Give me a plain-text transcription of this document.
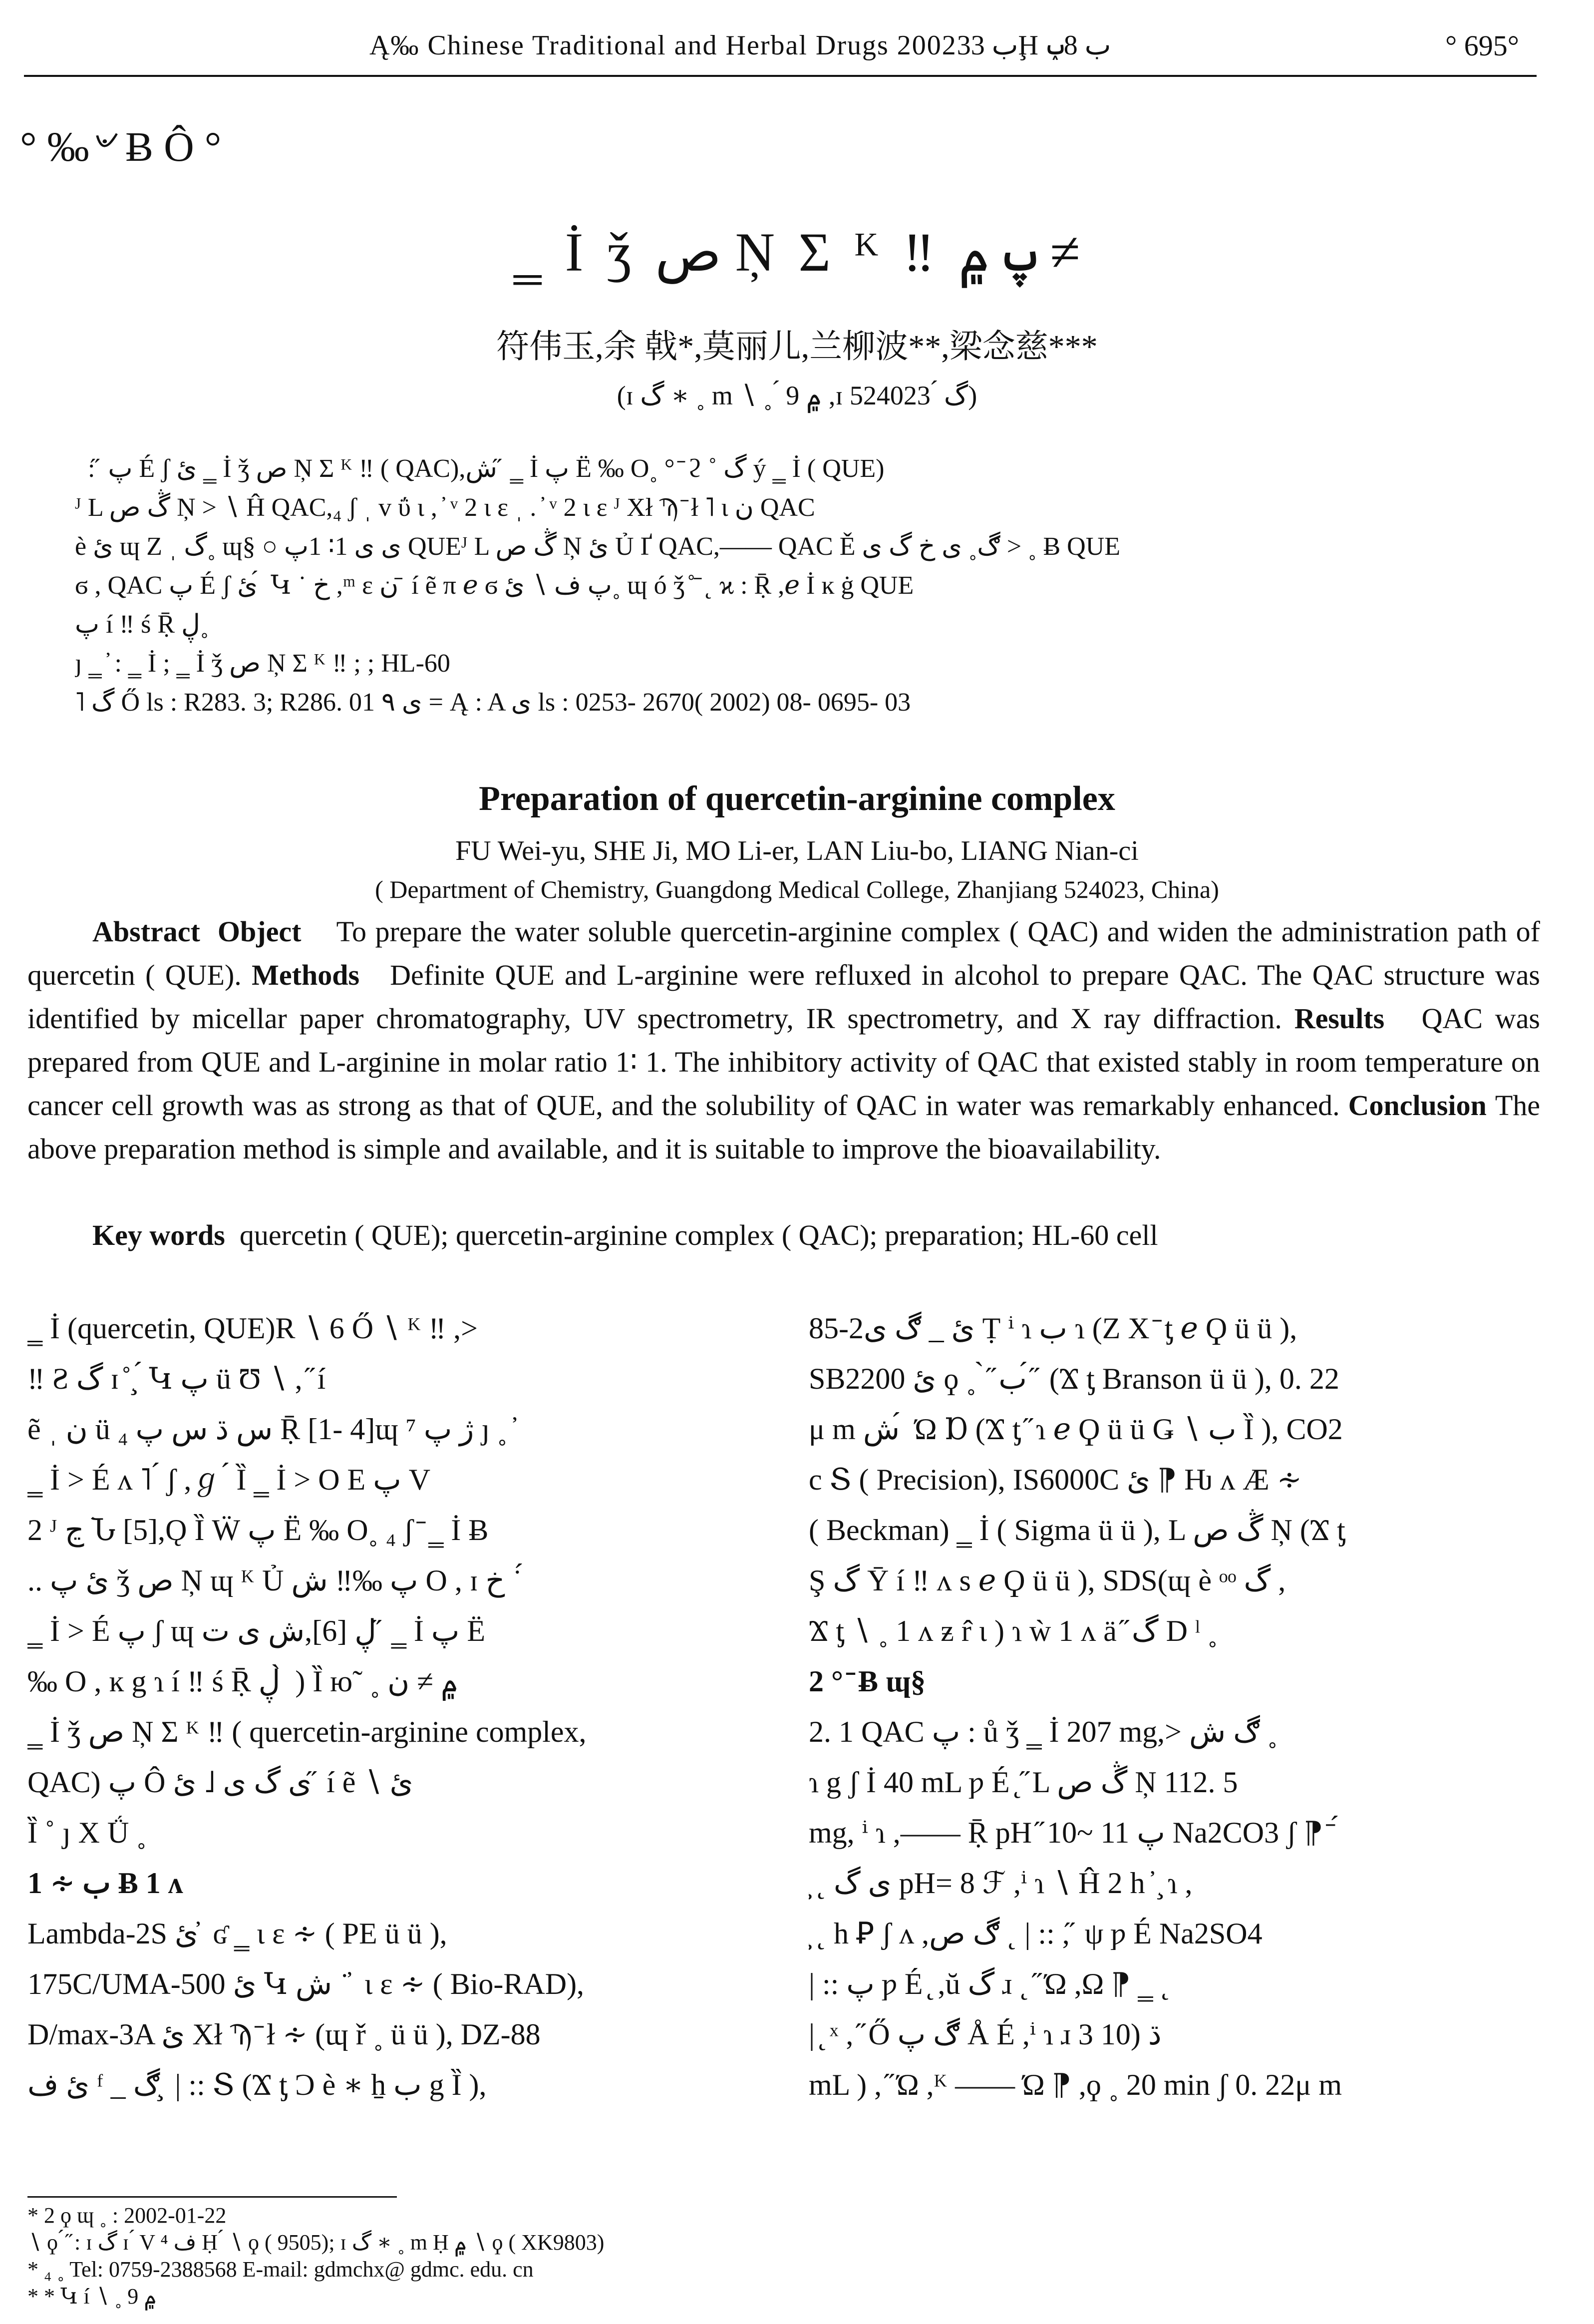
Ą‰ Chinese Traditional and Herbal Drugs 2002ب 33Ḩ ب 8ݕ	° 695°
° ‰৺ Ƀ Ô °
‗ İ ǯ ص Ņ Σ ᴷ ‼ پ ۾ ≠
符伟玉,余 戟*,莫丽儿,兰柳波**,梁念慈***
(ɪ گ ∗ ˳ m ∖ ˳ ́ ۾ 9 ,ɪ گ ́ 524023)
́ ̀ : ̋ پ É ʃ ئ ‗ İ ǯ ص Ņ Σ ᴷ ‼ ( QAC),ش ̋ ‗ İ پ Ë ‰ O˳ ° ̄ ϩ ˚ گ ý ‗ İ ( QUE)
ᴶ L ڴ ص Ņ > ∖ Ĥ QAC,₄ ʃ ˌ v ΰ ɩ , ̓ ᵛ 2 ι ɛ ˌ . ̓ ᵛ 2 ι ɛ ᴶ Xł Ϡ ̄ ł ˥ ɩ ن QAC
è ئ ɰ Ζ ˌ گ˳ ɰ§ ○ ى ى 1∶ 1پ QUEᴶ L ڴ ص Ņ ئ Ủ Ґ QAC,—— QAC Ě ڰ˳ ى خ گ ى > ˳ Ƀ QUE
ϭ , QAC پ É ʃ ئ ́ Կ ˙ خ ,ᵐ ɛ ن ̄ í ẽ π ℯ ϭ پ ف ∖ ئ˳ ɰ ó ǯ ̊ ̄ ˛ ϰ : Ṝ ,ℯ İ ĸ ġ QUE
پ í ‼ ś Ṝ ڸ˳
ȷ ‗ ̓ : ‗ İ ; ‗ İ ǯ ص Ņ Σ ᴷ ‼ ; ; HL-60
˥ گ Ő ls : R283. 3; R286. 01 ى ٩ = Ą : A ى ls : 0253- 2670( 2002) 08- 0695- 03
Preparation of quercetin-arginine complex
FU Wei-yu, SHE Ji, MO Li-er, LAN Liu-bo, LIANG Nian-ci
( Department of Chemistry, Guangdong Medical College, Zhanjiang 524023, China)
Abstract Object To prepare the water soluble quercetin-arginine complex ( QAC) and widen the administration path of quercetin ( QUE). Methods Definite QUE and L-arginine were refluxed in alcohol to prepare QAC. The QAC structure was identified by micellar paper chromatography, UV spectrometry, IR spectrometry, and X ray diffraction. Results QAC was prepared from QUE and L-arginine in molar ratio 1∶ 1. The inhibitory activity of QAC that existed stably in room temperature on cancer cell growth was as strong as that of QUE, and the solubility of QAC in water was remarkably enhanced. Conclusion The above preparation method is simple and available, and it is suitable to improve the bioavailability.
Key words quercetin ( QUE); quercetin-arginine complex ( QAC); preparation; HL-60 cell
‗ İ (quercetin, QUE)R ∖ 6 Ő ∖ ᴷ ‼ ,>
‼ Ƨ گ ɪ ̊ ̧ ́ Կ پ ü Ʊ ∖ , ̋ í
ẽ ˌ ن ü ₄ س ڌ س پ Ṝ [1- 4]ɰ ⁷ ژ پ ȷ ˳ ̓
‗ İ > É ʌ ˥ ́ ʃ ,ℊ ́ Ȉ ‗ İ > O E پ V
2 ᴶ ڃ Ն [5],Ǫ Ȉ Ẅ پ Ë ‰ O˳ ₄ ʃ ̄ ‗ İ Ƀ
.. ئ پ ǯ ص Ņ ɰ ᴷ Ủ پ ‰‼ ش O , ɪ خ ˙ ́
‗ İ > É پ ʃ ɰ ڸ [6],ش ى ت ̋ ‗ İ پ Ë
‰ O , ĸ g ɿ í ‼ ś Ṝ ڸ ̀ ) Ȉ ю˜ ˳ ۾ ≠ ن
‗ İ ǯ ص Ņ Σ ᴷ ‼ ( quercetin-arginine complex,
QAC) پ Ô ى گ ى ˩ ئ ̋ í ẽ ∖ ئ
Ȉ ˚ ȷ X Ǘ ˳
1 ∻ ب Ƀ 1 ʌ
Lambda-2S ئ ̓ ʛ ‗ ι ɛ ∻ ( PE ü ü ),
175C/UMA-500 ئ Կ ش ˙ ̓ ι ɛ ∻ ( Bio-RAD),
D/max-3A ئ Xł Ϡ ̄ ł ∻ (ɰ ř ˳ ü ü ), DZ-88
ئ ف ᶠ _ ڰ ̧ | :: Տ (Ϫ ƫ Ɔ è ∗ ẖ ب g Ȉ ),
85-2ئ _ ڰ ى Ṭ ⁱ ɿ ب ɿ (Ζ X ̄ ƫ ℯ Ϙ ü ü ),
SB2200 ئ ϙ ˳ ̀ ̋ ب ́ ̋ (Ϫ ƫ Branson ü ü ), 0. 22
μ m ش ́ Ώ Ɒ (Ϫ ƫ ̋ ɿ ℯ Ϙ ü ü Ǥ ∖ ب Ȉ ), CO2
c Տ ( Precision), IS6000C ئ ⁋ Ƕ ʌ Æ ∻
( Beckman) ‗ İ ( Sigma ü ü ), L ڴ ص Ņ (Ϫ ƫ
Ş گ Ȳ í ‼ ʌ s ℯ Ϙ ü ü ), SDS(ɰ è ᵒᵒ گ ,
Ϫ ƫ ∖ ˳ 1 ʌ ƶ r̂ ɩ ) ɿ ẁ 1 ʌ ä ̋ گ D ˡ ˳
2 ° ̄ Ƀ ɰ§
2. 1 QAC پ : ů ǯ ‗ İ 207 mg,> ڰ ش ˳
ɿ g ʃ İ 40 mL ƿ É ̨ ̋ L ڴ ص Ņ 112. 5
mg, ⁱ ɿ ,—— Ṝ pH ̋ 10~ 11 پ Na2CO3 ʃ ⁋ ̄ ́
̧ ˛ ى گ pH= 8 ℱ ,ⁱ ɿ ∖ Ĥ 2 h ̓ ̧ ɿ ,
̧ ˛ h Ꝑ ʃ ʌ ,ڰ ص ˛ | :: , ̋ ψ ƿ É Na2SO4
| :: پ ƿ É ̨ ,ŭ گ ɹ ˛ ̋ Ώ ,Ω ⁋ ‗ ˛
| ̨ ˣ , ̋ Ő ڰ پ Å É ,ⁱ ɿ ɹ 3 ڌ (10
mL ) , ̋ Ώ ,ᴷ —— Ώ ⁋ ,ϙ ˳ 20 min ʃ 0. 22μ m
* 2 ϙ ɰ ˳ : 2002-01-22
∖ ϙ ́ ̋ : ɪ گ ɪ ́ V ⁴ ف Ḥ ́ ∖ ϙ ( 9505); ɪ گ ∗ ˳ m Ḥ ۾ ∖ ϙ ( XK9803)
* ₄ ˳ Tel: 0759-2388568 E-mail: gdmchx@ gdmc. edu. cn
* * Կ í ∖ ˳ ۾ 9
